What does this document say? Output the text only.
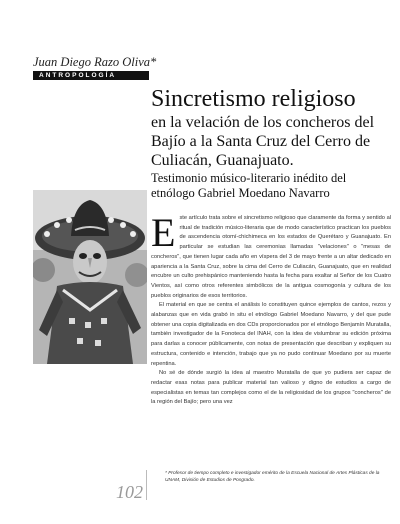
Juan Diego Razo Oliva*
ANTROPOLOGÍA
Sincretismo religioso
en la velación de los concheros del Bajío a la Santa Cruz del Cerro de Culiacán, Guanajuato.
Testimonio músico-literario inédito del etnólogo Gabriel Moedano Navarro

Este artículo trata sobre el sincretismo religioso que claramente da forma y sentido al ritual de tradición músico-literaria que de modo característico practican los pueblos de ascendencia otomí-chichimeca en los estados de Querétaro y Guanajuato. En particular se estudian las ceremonias llamadas "velaciones" o "mesas de concheros", que tienen lugar cada año en víspera del 3 de mayo frente a un altar dedicado en apariencia a la Santa Cruz, sobre la cima del Cerro de Culiacán, Guanajuato, que en realidad encubre un culto prehispánico manteniendo hasta la fecha para exaltar al Señor de los Cuatro Vientos, así como otros referentes simbólicos de la antigua cosmogonía y cultura de los pueblos originarios de esos territorios.

El material en que se centra el análisis lo constituyen quince ejemplos de cantos, rezos y alabanzas que en vida grabó in situ el etnólogo Gabriel Moedano Navarro, y del que pude obtener una copia digitalizada en dos CDs proporcionados por el etnólogo Benjamín Muratalla, también investigador de la Fonoteca del INAH, con la idea de vislumbrar su edición próxima para darlas a conocer públicamente, con notas de presentación que describan y expliquen su estructura, contenido e intención, trabajo que ya no pudo continuar Moedano por su muerte repentina.

No sé de dónde surgió la idea al maestro Muratalla de que yo pudiera ser capaz de redactar esas notas para publicar material tan valioso y digno de estudios a cargo de especialistas en temas tan complejos como el de la religiosidad de los grupos "concheros" de la región del Bajío; pero una vez

102
* Profesor de tiempo completo e investigador emérito de la Escuela Nacional de Artes Plásticas de la UNAM, División de Estudios de Posgrado.
